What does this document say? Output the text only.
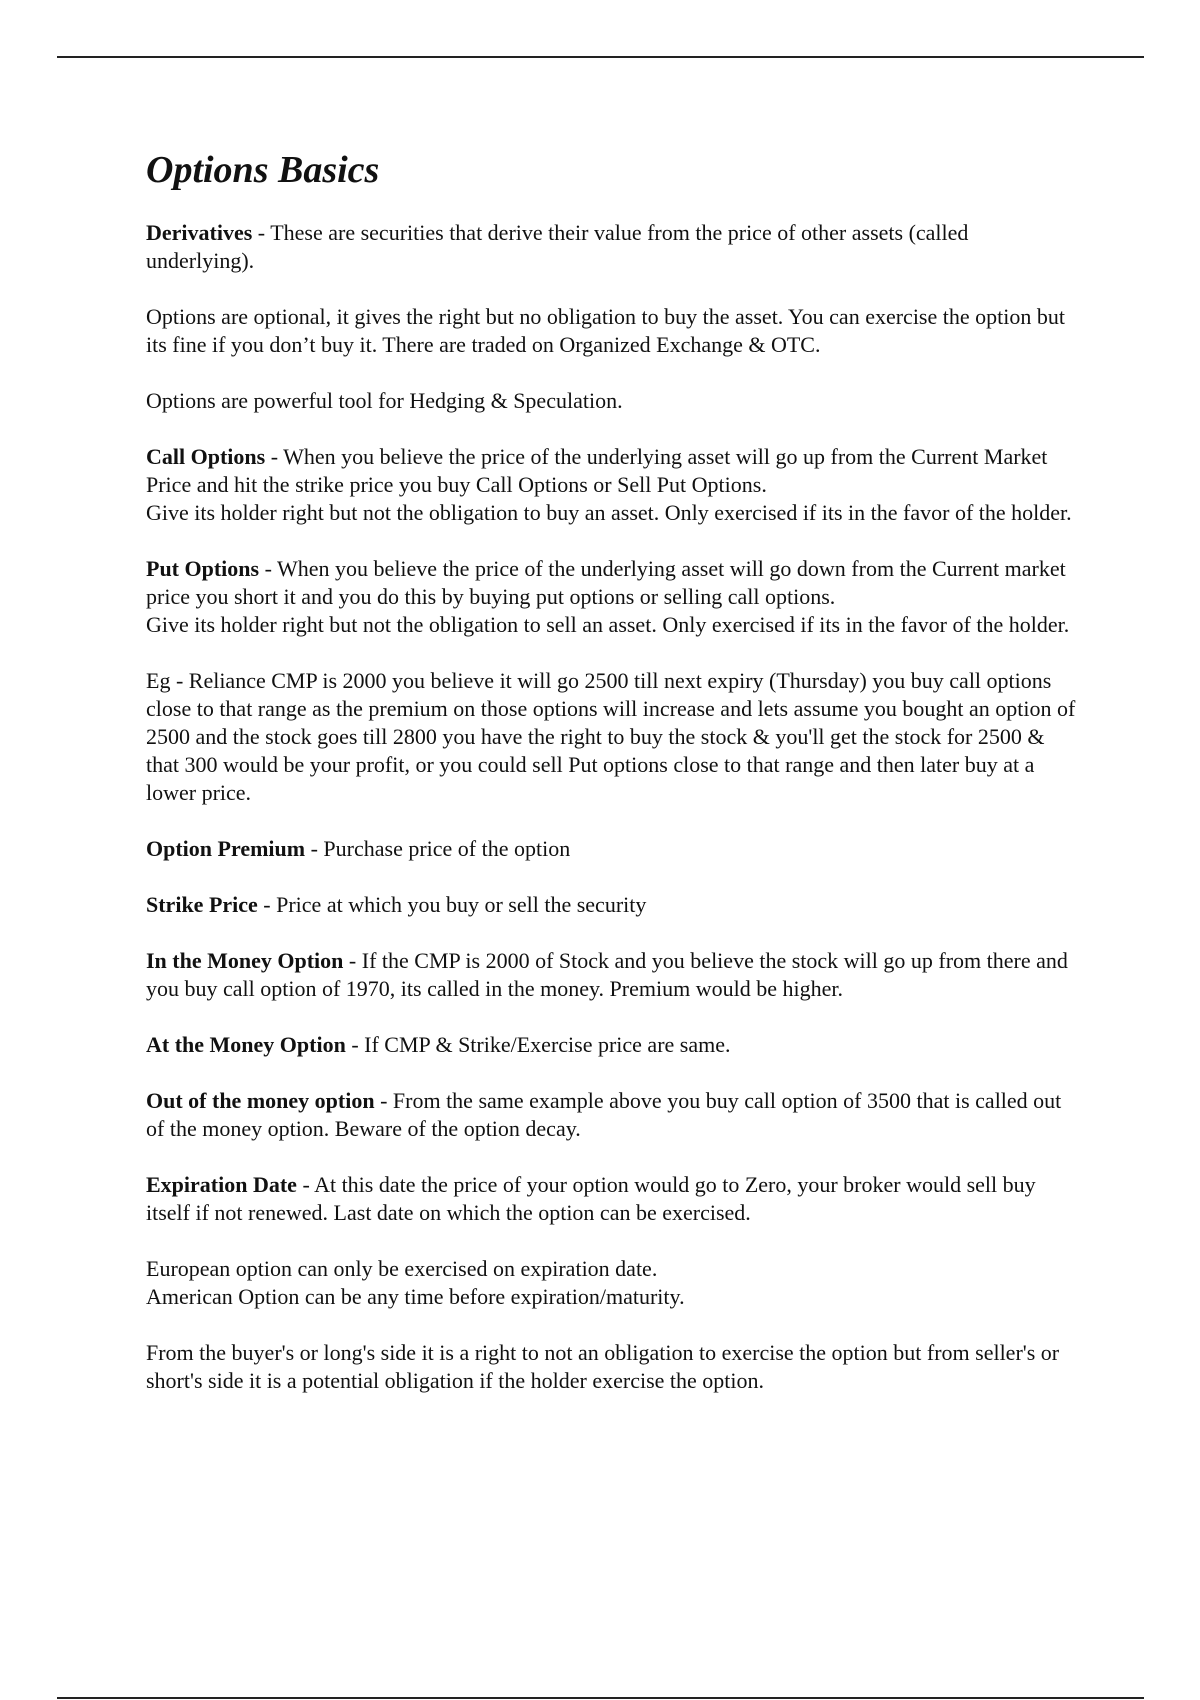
Options Basics

Derivatives - These are securities that derive their value from the price of other assets (called underlying).

Options are optional, it gives the right but no obligation to buy the asset. You can exercise the option but its fine if you don’t buy it. There are traded on Organized Exchange & OTC.

Options are powerful tool for Hedging & Speculation.

Call Options - When you believe the price of the underlying asset will go up from the Current Market Price and hit the strike price you buy Call Options or Sell Put Options.
Give its holder right but not the obligation to buy an asset. Only exercised if its in the favor of the holder.

Put Options - When you believe the price of the underlying asset will go down from the Current market price you short it and you do this by buying put options or selling call options.
Give its holder right but not the obligation to sell an asset. Only exercised if its in the favor of the holder.

Eg - Reliance CMP is 2000 you believe it will go 2500 till next expiry (Thursday) you buy call options close to that range as the premium on those options will increase and lets assume you bought an option of 2500 and the stock goes till 2800 you have the right to buy the stock & you'll get the stock for 2500 & that 300 would be your profit, or you could sell Put options close to that range and then later buy at a lower price.

Option Premium - Purchase price of the option

Strike Price - Price at which you buy or sell the security

In the Money Option - If the CMP is 2000 of Stock and you believe the stock will go up from there and you buy call option of 1970, its called in the money. Premium would be higher.

At the Money Option - If CMP & Strike/Exercise price are same.

Out of the money option - From the same example above you buy call option of 3500 that is called out of the money option. Beware of the option decay.

Expiration Date - At this date the price of your option would go to Zero, your broker would sell buy itself if not renewed. Last date on which the option can be exercised.

European option can only be exercised on expiration date.
American Option can be any time before expiration/maturity.

From the buyer's or long's side it is a right to not an obligation to exercise the option but from seller's or short's side it is a potential obligation if the holder exercise the option.
